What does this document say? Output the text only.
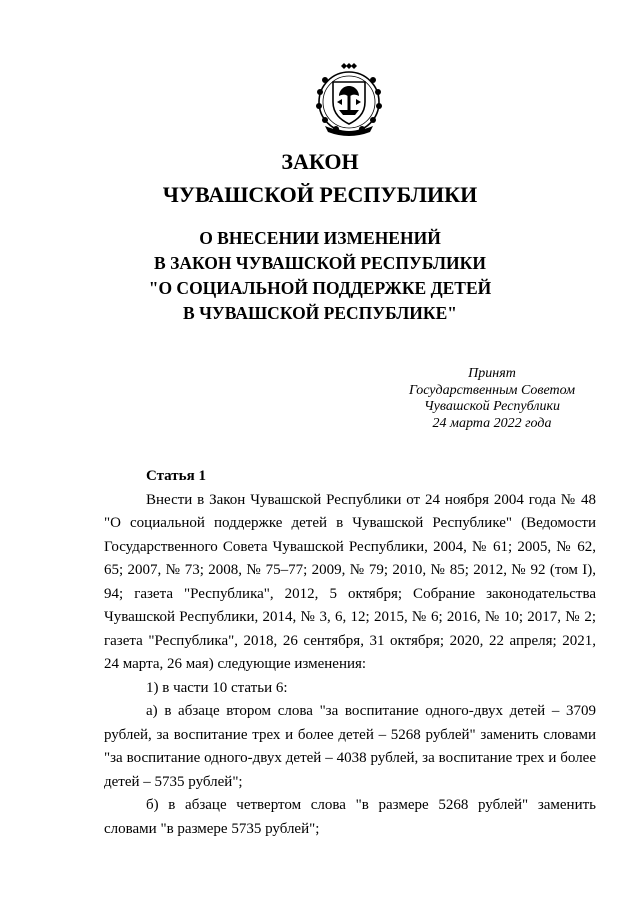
ЗАКОН
ЧУВАШСКОЙ РЕСПУБЛИКИ
О ВНЕСЕНИИ ИЗМЕНЕНИЙ
В ЗАКОН ЧУВАШСКОЙ РЕСПУБЛИКИ
"О СОЦИАЛЬНОЙ ПОДДЕРЖКЕ ДЕТЕЙ
В ЧУВАШСКОЙ РЕСПУБЛИКЕ"
Принят
Государственным Советом
Чувашской Республики
24 марта 2022 года

Статья 1

Внести в Закон Чувашской Республики от 24 ноября 2004 года № 48 "О социальной поддержке детей в Чувашской Республике" (Ведомости Государственного Совета Чувашской Республики, 2004, № 61; 2005, № 62, 65; 2007, № 73; 2008, № 75–77; 2009, № 79; 2010, № 85; 2012, № 92 (том I), 94; газета "Республика", 2012, 5 октября; Собрание законодательства Чувашской Республики, 2014, № 3, 6, 12; 2015, № 6; 2016, № 10; 2017, № 2; газета "Республика", 2018, 26 сентября, 31 октября; 2020, 22 апреля; 2021, 24 марта, 26 мая) следующие изменения:

1) в части 10 статьи 6:

а) в абзаце втором слова "за воспитание одного-двух детей – 3709 рублей, за воспитание трех и более детей – 5268 рублей" заменить словами "за воспитание одного-двух детей – 4038 рублей, за воспитание трех и более детей – 5735 рублей";

б) в абзаце четвертом слова "в размере 5268 рублей" заменить словами "в размере 5735 рублей";
